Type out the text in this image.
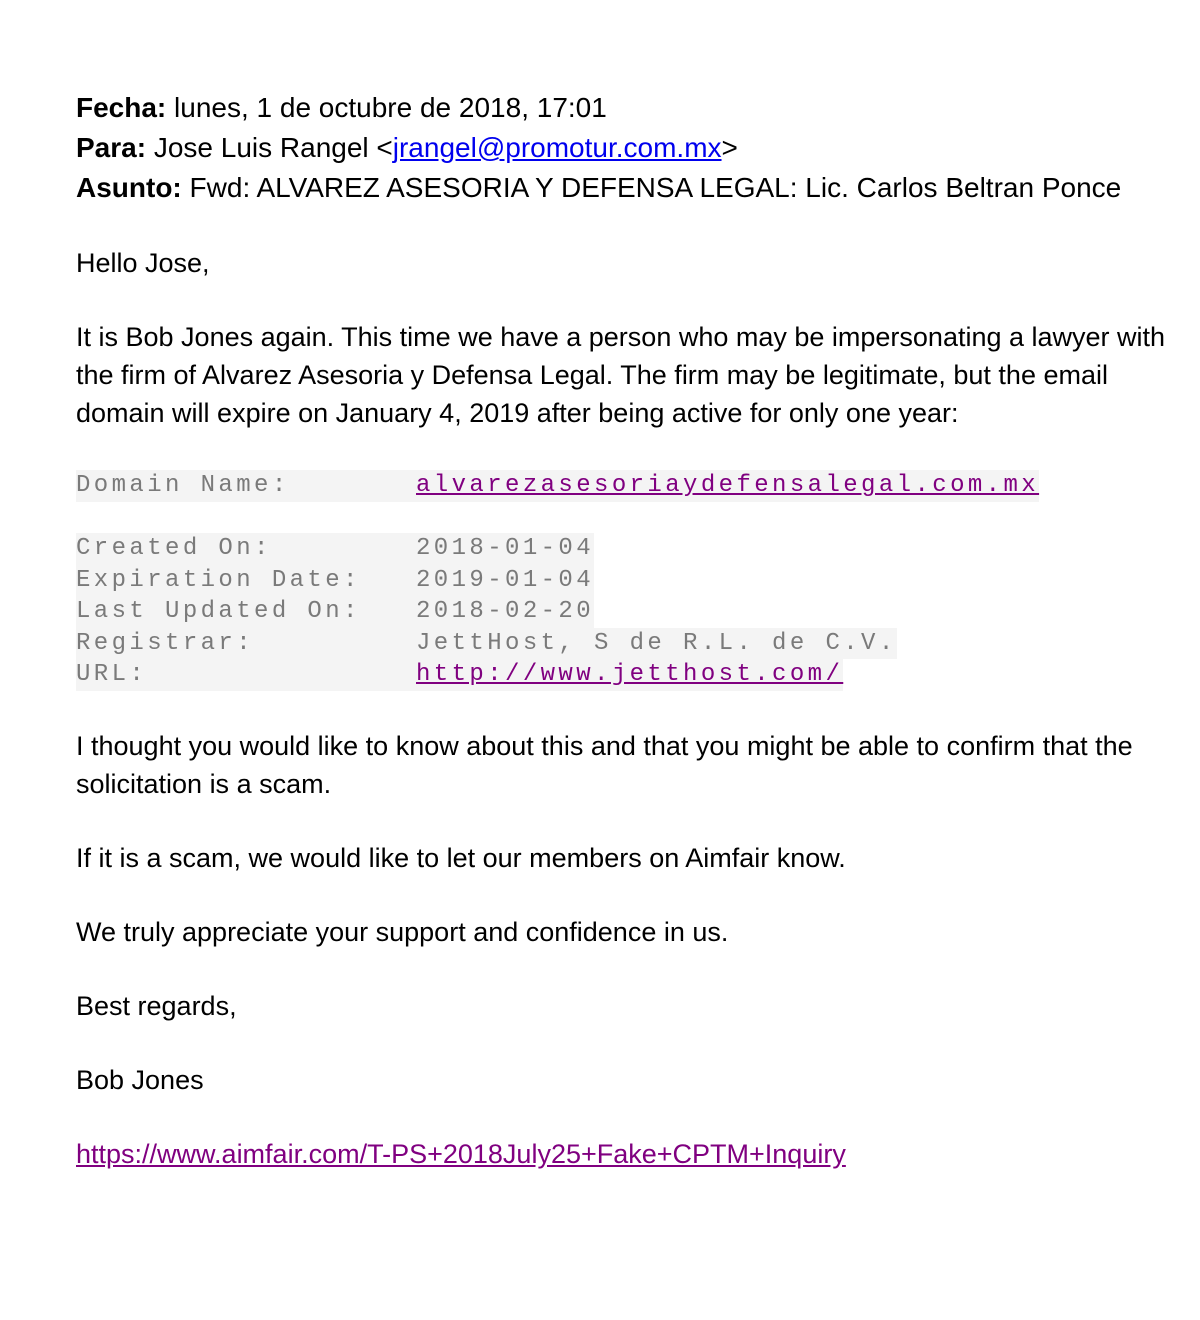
Fecha: lunes, 1 de octubre de 2018, 17:01
Para: Jose Luis Rangel <jrangel@promotur.com.mx>
Asunto: Fwd: ALVAREZ ASESORIA Y DEFENSA LEGAL: Lic. Carlos Beltran Ponce

Hello Jose,

It is Bob Jones again. This time we have a person who may be impersonating a lawyer with the firm of Alvarez Asesoria y Defensa Legal. The firm may be legitimate, but the email domain will expire on January 4, 2019 after being active for only one year:

Domain Name:	alvarezasesoriaydefensalegal.com.mx
Created On:	2018-01-04
Expiration Date:	2019-01-04
Last Updated On:	2018-02-20
Registrar:	JettHost, S de R.L. de C.V.
URL:	http://www.jetthost.com/

I thought you would like to know about this and that you might be able to confirm that the solicitation is a scam.

If it is a scam, we would like to let our members on Aimfair know.

We truly appreciate your support and confidence in us.

Best regards,

Bob Jones

https://www.aimfair.com/T-PS+2018July25+Fake+CPTM+Inquiry
